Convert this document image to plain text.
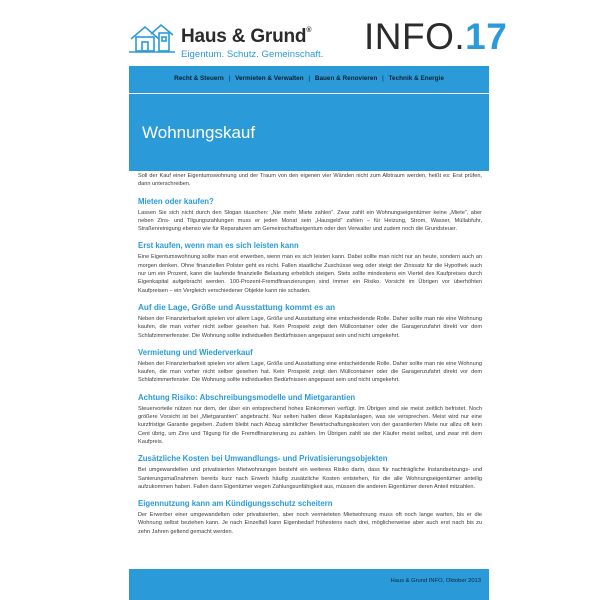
Haus & Grund®
Eigentum. Schutz. Gemeinschaft. INFO.17
Recht & Steuern | Vermieten & Verwalten | Bauen & Renovieren | Technik & Energie
Wohnungskauf

Soll der Kauf einer Eigentumswohnung und der Traum von den eigenen vier Wänden nicht zum Albtraum werden, heißt es: Erst prüfen, dann unterschreiben.

Mieten oder kaufen?

Lassen Sie sich nicht durch den Slogan täuschen: „Nie mehr Miete zahlen“. Zwar zahlt ein Wohnungseigentümer keine „Miete“, aber neben Zins- und Tilgungszahlungen muss er jeden Monat sein „Hausgeld“ zahlen – für Heizung, Strom, Wasser, Müllabfuhr, Straßenreinigung ebenso wie für Reparaturen am Gemeinschaftseigentum oder den Verwalter und zudem noch die Grundsteuer.

Erst kaufen, wenn man es sich leisten kann

Eine Eigentumswohnung sollte man erst erwerben, wenn man es sich leisten kann. Dabei sollte man nicht nur an heute, sondern auch an morgen denken. Ohne finanziellen Polster geht es nicht. Fallen staatliche Zuschüsse weg oder steigt der Zinssatz für die Hypothek auch nur um ein Prozent, kann die laufende finanzielle Belastung erheblich steigen. Stets sollte mindestens ein Viertel des Kaufpreises durch Eigenkapital aufgebracht werden. 100-Prozent-Fremdfinanzierungen sind immer ein Risiko. Vorsicht im Übrigen vor überhöhten Kaufpreisen – ein Vergleich verschiedener Objekte kann nie schaden.

Auf die Lage, Größe und Ausstattung kommt es an

Neben der Finanzierbarkeit spielen vor allem Lage, Größe und Ausstattung eine entscheidende Rolle. Daher sollte man nie eine Wohnung kaufen, die man vorher nicht selber gesehen hat. Kein Prospekt zeigt den Müllcontainer oder die Garagenzufahrt direkt vor dem Schlafzimmerfenster. Die Wohnung sollte individuellen Bedürfnissen angepasst sein und nicht umgekehrt.

Vermietung und Wiederverkauf

Neben der Finanzierbarkeit spielen vor allem Lage, Größe und Ausstattung eine entscheidende Rolle. Daher sollte man nie eine Wohnung kaufen, die man vorher nicht selber gesehen hat. Kein Prospekt zeigt den Müllcontainer oder die Garagenzufahrt direkt vor dem Schlafzimmerfenster. Die Wohnung sollte individuellen Bedürfnissen angepasst sein und nicht umgekehrt.

Achtung Risiko: Abschreibungsmodelle und Mietgarantien

Steuervorteile nützen nur dem, der über ein entsprechend hohes Einkommen verfügt. Im Übrigen sind sie meist zeitlich befristet. Noch größere Vorsicht ist bei „Mietgarantien“ angebracht. Nur selten halten diese Kapitalanlagen, was sie versprechen. Meist wird nur eine kurzfristige Garantie gegeben. Zudem bleibt nach Abzug sämtlicher Bewirtschaftungskosten von der garantierten Miete nur allzu oft kein Cent übrig, um Zins und Tilgung für die Fremdfinanzierung zu zahlen. Im Übrigen zahlt sie der Käufer meist selbst, und zwar mit dem Kaufpreis.

Zusätzliche Kosten bei Umwandlungs- und Privatisierungsobjekten

Bei umgewandelten und privatisierten Mietwohnungen besteht ein weiteres Risiko darin, dass für nachträgliche Instandsetzungs- und Sanierungsmaßnahmen bereits kurz nach Erwerb häufig zusätzliche Kosten entstehen, für die alle Wohnungseigentümer anteilig aufzukommen haben. Fallen dann Eigentümer wegen Zahlungsunfähigkeit aus, müssen die anderen Eigentümer deren Anteil mitzahlen.

Eigennutzung kann am Kündigungsschutz scheitern

Der Erwerber einer umgewandelten oder privatisierten, aber noch vermieteten Mietwohnung muss oft noch lange warten, bis er die Wohnung selbst beziehen kann. Je nach Einzelfall kann Eigenbedarf frühestens nach drei, möglicherweise aber auch erst nach bis zu zehn Jahren geltend gemacht werden.

Haus & Grund INFO, Oktober 2013
